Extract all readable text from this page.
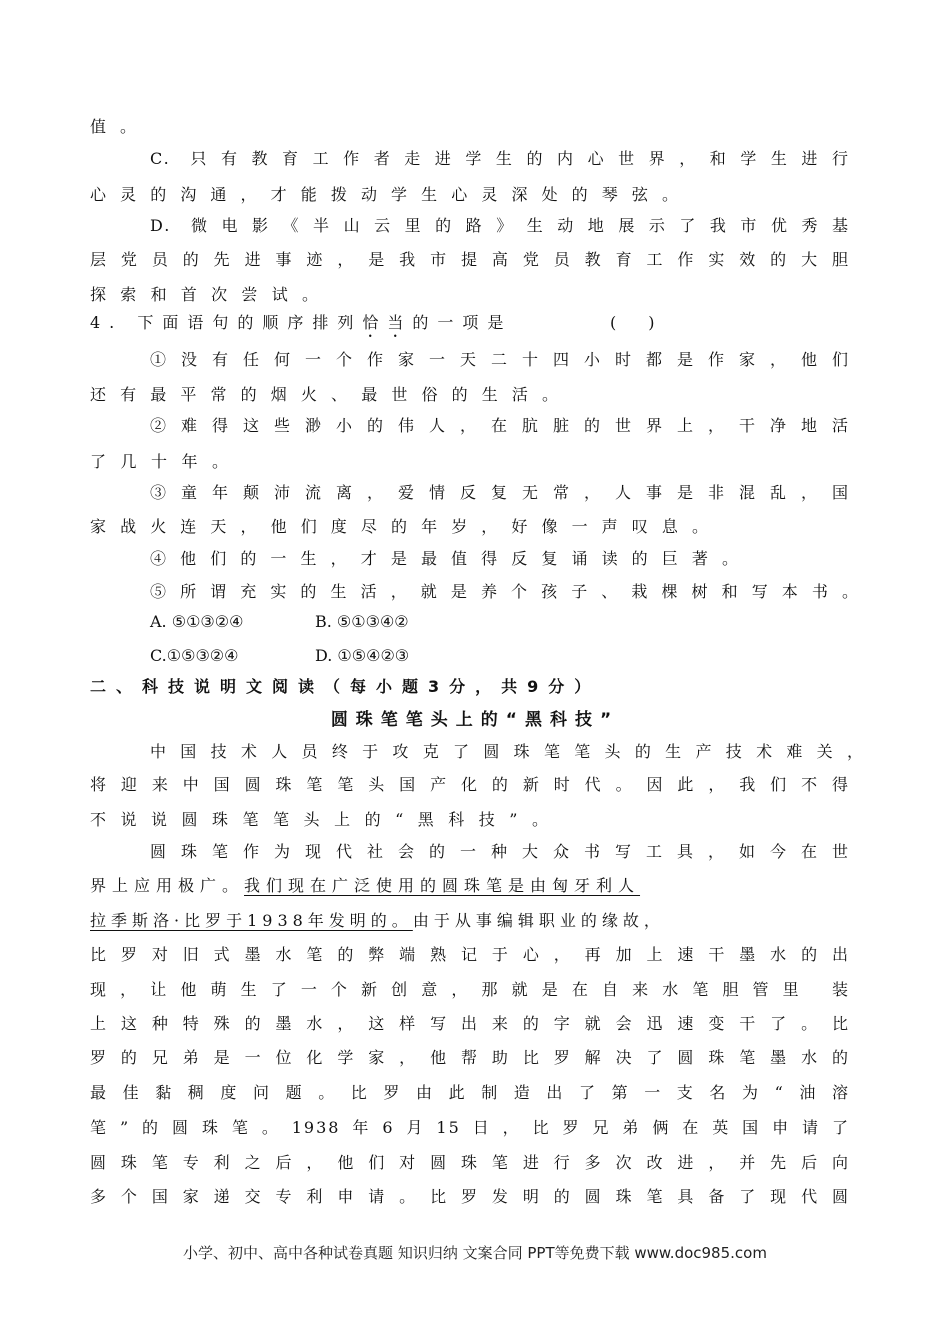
值。
C. 只有教育工作者走进学生的内心世界，和学生进行
心灵的沟通，才能拨动学生心灵深处的琴弦。
D. 微电影《半山云里的路》生动地展示了我市优秀基
层党员的先进事迹，是我市提高党员教育工作实效的大胆
探索和首次尝试。
4. 下面语句的顺序排列恰当的一项是	(　　)
①没有任何一个作家一天二十四小时都是作家，他们
还有最平常的烟火、最世俗的生活。
②难得这些渺小的伟人，在肮脏的世界上，干净地活
了几十年。
③童年颠沛流离，爱情反复无常，人事是非混乱，国
家战火连天，他们度尽的年岁，好像一声叹息。
④他们的一生，才是最值得反复诵读的巨著。
⑤所谓充实的生活，就是养个孩子、栽棵树和写本书。
A. ⑤①③②④	B. ⑤①③④②
C.①⑤③②④	D. ①⑤④②③
二、科技说明文阅读（每小题3分，共9分）
圆珠笔笔头上的“黑科技”
中国技术人员终于攻克了圆珠笔笔头的生产技术难关，
将迎来中国圆珠笔笔头国产化的新时代。因此，我们不得
不说说圆珠笔笔头上的“黑科技”。
圆珠笔作为现代社会的一种大众书写工具，如今在世
界上应用极广。我们现在广泛使用的圆珠笔是由匈牙利人
拉季斯洛·比罗于1938年发明的。由于从事编辑职业的缘故，
比罗对旧式墨水笔的弊端熟记于心，再加上速干墨水的出
现，让他萌生了一个新创意，那就是在自来水笔胆管里 装
上这种特殊的墨水，这样写出来的字就会迅速变干了。比
罗的兄弟是一位化学家，他帮助比罗解决了圆珠笔墨水的
最佳黏稠度问题。比罗由此制造出了第一支名为“油溶
笔”的圆珠笔。1938年6月15日，比罗兄弟俩在英国申请了
圆珠笔专利之后，他们对圆珠笔进行多次改进，并先后向
多个国家递交专利申请。比罗发明的圆珠笔具备了现代圆
小学、初中、高中各种试卷真题 知识归纳 文案合同 PPT等免费下载 www.doc985.com
